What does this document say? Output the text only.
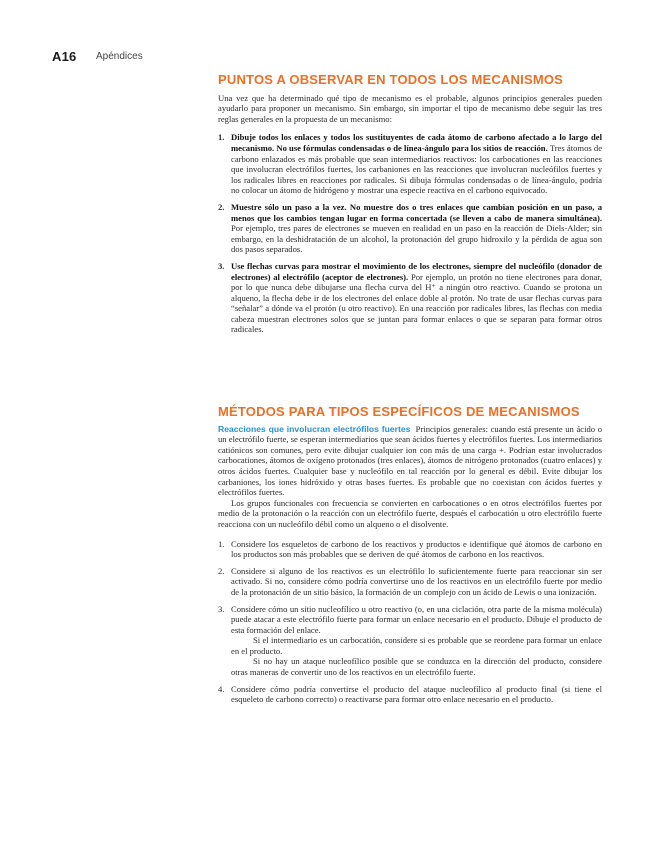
A16 Apéndices
PUNTOS A OBSERVAR EN TODOS LOS MECANISMOS

Una vez que ha determinado qué tipo de mecanismo es el probable, algunos principios generales pueden ayudarlo para proponer un mecanismo. Sin embargo, sin importar el tipo de mecanismo debe seguir las tres reglas generales en la propuesta de un mecanismo:

1. Dibuje todos los enlaces y todos los sustituyentes de cada átomo de carbono afectado a lo largo del mecanismo. No use fórmulas condensadas o de línea-ángulo para los sitios de reacción. Tres átomos de carbono enlazados es más probable que sean intermediarios reactivos: los carbocationes en las reacciones que involucran electrófilos fuertes, los carbaniones en las reacciones que involucran nucleófilos fuertes y los radicales libres en reacciones por radicales. Si dibuja fórmulas condensadas o de línea-ángulo, podría no colocar un átomo de hidrógeno y mostrar una especie reactiva en el carbono equivocado.
2. Muestre sólo un paso a la vez. No muestre dos o tres enlaces que cambian posición en un paso, a menos que los cambios tengan lugar en forma concertada (se lleven a cabo de manera simultánea). Por ejemplo, tres pares de electrones se mueven en realidad en un paso en la reacción de Diels-Alder; sin embargo, en la deshidratación de un alcohol, la protonación del grupo hidroxilo y la pérdida de agua son dos pasos separados.
3. Use flechas curvas para mostrar el movimiento de los electrones, siempre del nucleófilo (donador de electrones) al electrófilo (aceptor de electrones). Por ejemplo, un protón no tiene electrones para donar, por lo que nunca debe dibujarse una flecha curva del H⁺ a ningún otro reactivo. Cuando se protona un alqueno, la flecha debe ir de los electrones del enlace doble al protón. No trate de usar flechas curvas para “señalar” a dónde va el protón (u otro reactivo). En una reacción por radicales libres, las flechas con media cabeza muestran electrones solos que se juntan para formar enlaces o que se separan para formar otros radicales.
MÉTODOS PARA TIPOS ESPECÍFICOS DE MECANISMOS

Reacciones que involucran electrófilos fuertes Principios generales: cuando está presente un ácido o un electrófilo fuerte, se esperan intermediarios que sean ácidos fuertes y electrófilos fuertes. Los intermediarios catiónicos son comunes, pero evite dibujar cualquier ion con más de una carga +. Podrían estar involucrados carbocationes, átomos de oxígeno protonados (tres enlaces), átomos de nitrógeno protonados (cuatro enlaces) y otros ácidos fuertes. Cualquier base y nucleófilo en tal reacción por lo general es débil. Evite dibujar los carbaniones, los iones hidróxido y otras bases fuertes. Es probable que no coexistan con ácidos fuertes y electrófilos fuertes.

Los grupos funcionales con frecuencia se convierten en carbocationes o en otros electrófilos fuertes por medio de la protonación o la reacción con un electrófilo fuerte, después el carbocatión u otro electrófilo fuerte reacciona con un nucleófilo débil como un alqueno o el disolvente.

1. Considere los esqueletos de carbono de los reactivos y productos e identifique qué átomos de carbono en los productos son más probables que se deriven de qué átomos de carbono en los reactivos.
2. Considere si alguno de los reactivos es un electrófilo lo suficientemente fuerte para reaccionar sin ser activado. Si no, considere cómo podría convertirse uno de los reactivos en un electrófilo fuerte por medio de la protonación de un sitio básico, la formación de un complejo con un ácido de Lewis o una ionización.
3. Considere cómo un sitio nucleofílico u otro reactivo (o, en una ciclación, otra parte de la misma molécula) puede atacar a este electrófilo fuerte para formar un enlace necesario en el producto. Dibuje el producto de esta formación del enlace.

Si el intermediario es un carbocatión, considere si es probable que se reordene para formar un enlace en el producto.

Si no hay un ataque nucleofílico posible que se conduzca en la dirección del producto, considere otras maneras de convertir uno de los reactivos en un electrófilo fuerte.

4. Considere cómo podría convertirse el producto del ataque nucleofílico al producto final (si tiene el esqueleto de carbono correcto) o reactivarse para formar otro enlace necesario en el producto.
